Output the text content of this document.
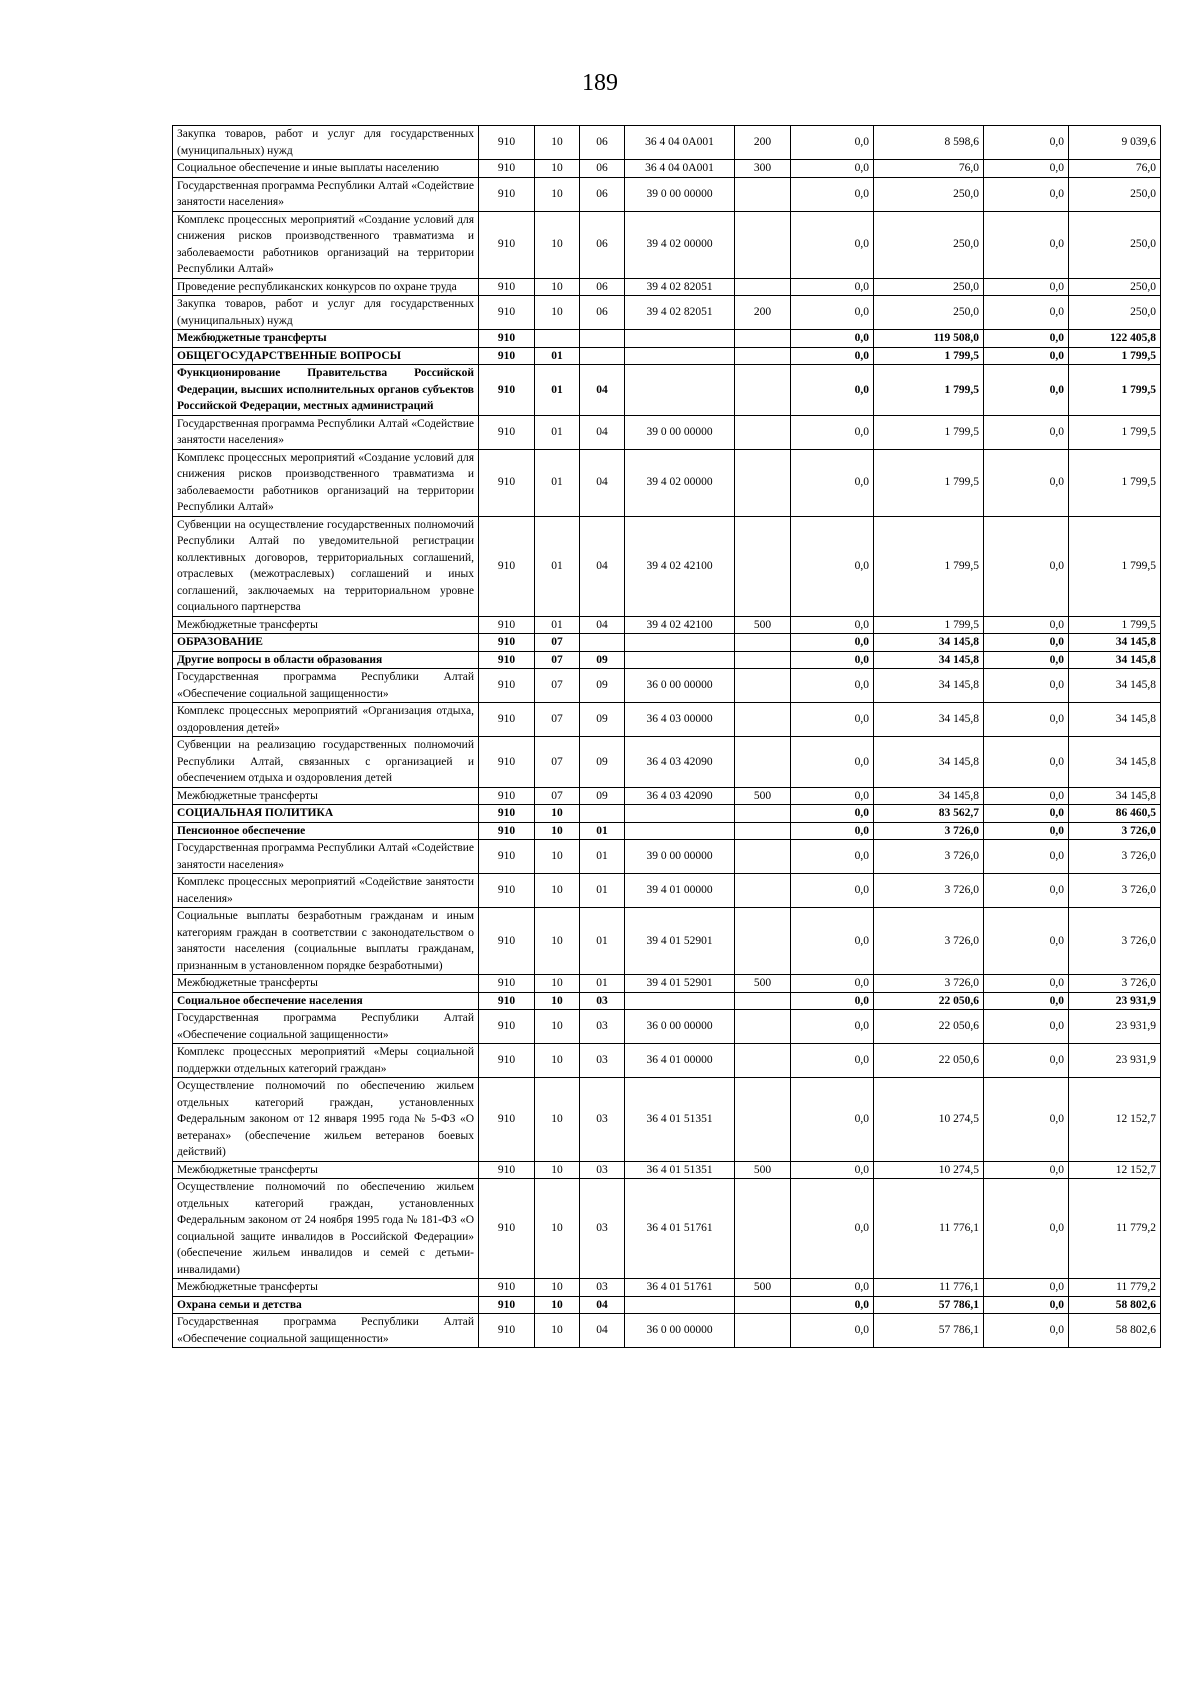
189
Закупка товаров, работ и услуг для государственных (муниципальных) нужд	910	10	06	36 4 04 0А001	200	0,0	8 598,6	0,0	9 039,6
Социальное обеспечение и иные выплаты населению	910	10	06	36 4 04 0А001	300	0,0	76,0	0,0	76,0
Государственная программа Республики Алтай «Содействие занятости населения»	910	10	06	39 0 00 00000		0,0	250,0	0,0	250,0
Комплекс процессных мероприятий «Создание условий для снижения рисков производственного травматизма и заболеваемости работников организаций на территории Республики Алтай»	910	10	06	39 4 02 00000		0,0	250,0	0,0	250,0
Проведение республиканских конкурсов по охране труда	910	10	06	39 4 02 82051		0,0	250,0	0,0	250,0
Закупка товаров, работ и услуг для государственных (муниципальных) нужд	910	10	06	39 4 02 82051	200	0,0	250,0	0,0	250,0
Межбюджетные трансферты	910					0,0	119 508,0	0,0	122 405,8
ОБЩЕГОСУДАРСТВЕННЫЕ ВОПРОСЫ	910	01				0,0	1 799,5	0,0	1 799,5
Функционирование Правительства Российской Федерации, высших исполнительных органов субъектов Российской Федерации, местных администраций	910	01	04			0,0	1 799,5	0,0	1 799,5
Государственная программа Республики Алтай «Содействие занятости населения»	910	01	04	39 0 00 00000		0,0	1 799,5	0,0	1 799,5
Комплекс процессных мероприятий «Создание условий для снижения рисков производственного травматизма и заболеваемости работников организаций на территории Республики Алтай»	910	01	04	39 4 02 00000		0,0	1 799,5	0,0	1 799,5
Субвенции на осуществление государственных полномочий Республики Алтай по уведомительной регистрации коллективных договоров, территориальных соглашений, отраслевых (межотраслевых) соглашений и иных соглашений, заключаемых на территориальном уровне социального партнерства	910	01	04	39 4 02 42100		0,0	1 799,5	0,0	1 799,5
Межбюджетные трансферты	910	01	04	39 4 02 42100	500	0,0	1 799,5	0,0	1 799,5
ОБРАЗОВАНИЕ	910	07				0,0	34 145,8	0,0	34 145,8
Другие вопросы в области образования	910	07	09			0,0	34 145,8	0,0	34 145,8
Государственная программа Республики Алтай «Обеспечение социальной защищенности»	910	07	09	36 0 00 00000		0,0	34 145,8	0,0	34 145,8
Комплекс процессных мероприятий «Организация отдыха, оздоровления детей»	910	07	09	36 4 03 00000		0,0	34 145,8	0,0	34 145,8
Субвенции на реализацию государственных полномочий Республики Алтай, связанных с организацией и обеспечением отдыха и оздоровления детей	910	07	09	36 4 03 42090		0,0	34 145,8	0,0	34 145,8
Межбюджетные трансферты	910	07	09	36 4 03 42090	500	0,0	34 145,8	0,0	34 145,8
СОЦИАЛЬНАЯ ПОЛИТИКА	910	10				0,0	83 562,7	0,0	86 460,5
Пенсионное обеспечение	910	10	01			0,0	3 726,0	0,0	3 726,0
Государственная программа Республики Алтай «Содействие занятости населения»	910	10	01	39 0 00 00000		0,0	3 726,0	0,0	3 726,0
Комплекс процессных мероприятий «Содействие занятости населения»	910	10	01	39 4 01 00000		0,0	3 726,0	0,0	3 726,0
Социальные выплаты безработным гражданам и иным категориям граждан в соответствии с законодательством о занятости населения (социальные выплаты гражданам, признанным в установленном порядке безработными)	910	10	01	39 4 01 52901		0,0	3 726,0	0,0	3 726,0
Межбюджетные трансферты	910	10	01	39 4 01 52901	500	0,0	3 726,0	0,0	3 726,0
Социальное обеспечение населения	910	10	03			0,0	22 050,6	0,0	23 931,9
Государственная программа Республики Алтай «Обеспечение социальной защищенности»	910	10	03	36 0 00 00000		0,0	22 050,6	0,0	23 931,9
Комплекс процессных мероприятий «Меры социальной поддержки отдельных категорий граждан»	910	10	03	36 4 01 00000		0,0	22 050,6	0,0	23 931,9
Осуществление полномочий по обеспечению жильем отдельных категорий граждан, установленных Федеральным законом от 12 января 1995 года № 5-ФЗ «О ветеранах» (обеспечение жильем ветеранов боевых действий)	910	10	03	36 4 01 51351		0,0	10 274,5	0,0	12 152,7
Межбюджетные трансферты	910	10	03	36 4 01 51351	500	0,0	10 274,5	0,0	12 152,7
Осуществление полномочий по обеспечению жильем отдельных категорий граждан, установленных Федеральным законом от 24 ноября 1995 года № 181-ФЗ «О социальной защите инвалидов в Российской Федерации» (обеспечение жильем инвалидов и семей с детьми-инвалидами)	910	10	03	36 4 01 51761		0,0	11 776,1	0,0	11 779,2
Межбюджетные трансферты	910	10	03	36 4 01 51761	500	0,0	11 776,1	0,0	11 779,2
Охрана семьи и детства	910	10	04			0,0	57 786,1	0,0	58 802,6
Государственная программа Республики Алтай «Обеспечение социальной защищенности»	910	10	04	36 0 00 00000		0,0	57 786,1	0,0	58 802,6
